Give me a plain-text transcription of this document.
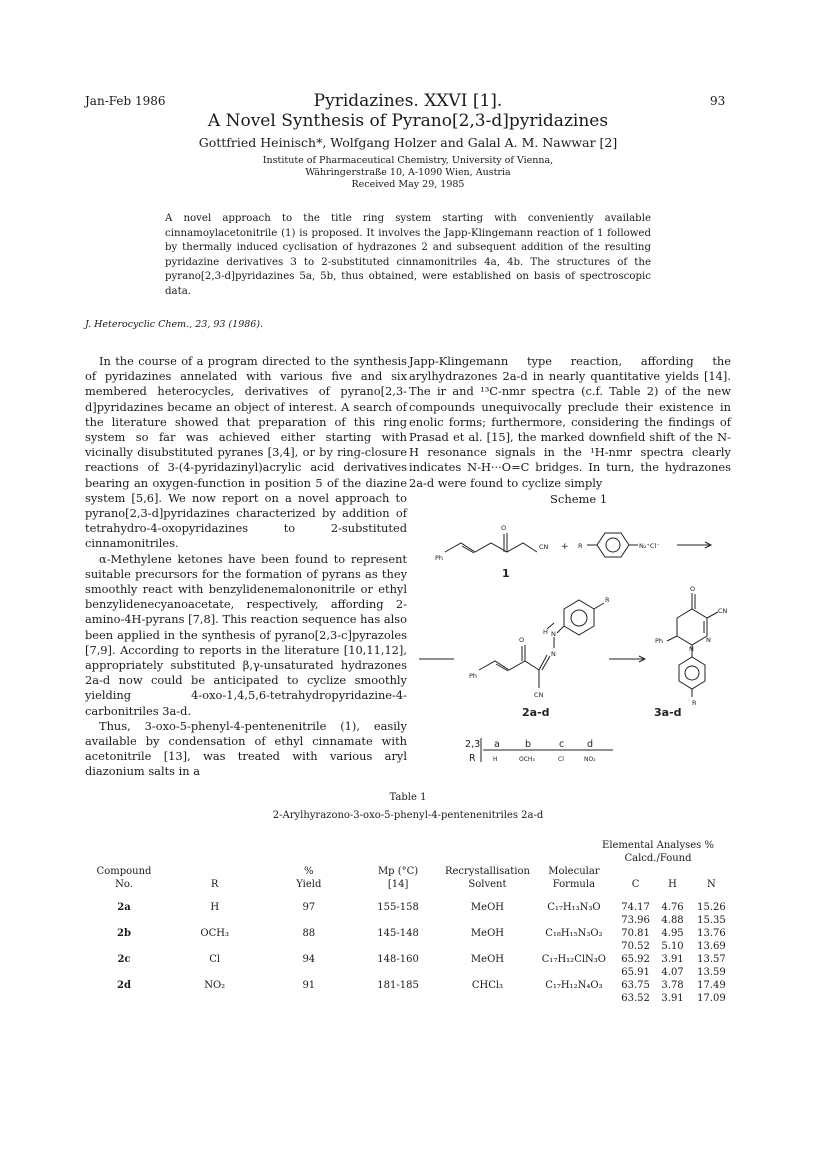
Jan-Feb 1986	93
Pyridazines. XXVI [1].
A Novel Synthesis of Pyrano[2,3-d]pyridazines
Gottfried Heinisch*, Wolfgang Holzer and Galal A. M. Nawwar [2]
Institute of Pharmaceutical Chemistry, University of Vienna,
Währingerstraße 10, A-1090 Wien, Austria
Received May 29, 1985
A novel approach to the title ring system starting with conveniently available cinnamoylacetonitrile (1) is proposed. It involves the Japp-Klingemann reaction of 1 followed by thermally induced cyclisation of hydrazones 2 and subsequent addition of the resulting pyridazine derivatives 3 to 2-substituted cinnamonitriles 4a, 4b. The structures of the pyrano[2,3-d]pyridazines 5a, 5b, thus obtained, were established on basis of spectroscopic data.
J. Heterocyclic Chem., 23, 93 (1986).

In the course of a program directed to the synthesis of pyridazines annelated with various five and six membered heterocycles, derivatives of pyrano[2,3-d]pyridazines became an object of interest. A search of the literature showed that preparation of this ring system so far was achieved either starting with vicinally disubstituted pyranes [3,4], or by ring-closure reactions of 3-(4-pyridazinyl)acrylic acid derivatives bearing an oxygen-function in position 5 of the diazine system [5,6]. We now report on a novel approach to pyrano[2,3-d]pyridazines characterized by addition of tetrahydro-4-oxopyridazines to 2-substituted cinnamonitriles.

α-Methylene ketones have been found to represent suitable precursors for the formation of pyrans as they smoothly react with benzylidenemalononitrile or ethyl benzylidenecyanoacetate, respectively, affording 2-amino-4H-pyrans [7,8]. This reaction sequence has also been applied in the synthesis of pyrano[2,3-c]pyrazoles [7,9]. According to reports in the literature [10,11,12], appropriately substituted β,γ-unsaturated hydrazones 2a-d now could be anticipated to cyclize smoothly yielding 4-oxo-1,4,5,6-tetrahydropyridazine-4-carbonitriles 3a-d.

Thus, 3-oxo-5-phenyl-4-pentenenitrile (1), easily available by condensation of ethyl cinnamate with acetonitrile [13], was treated with various aryl diazonium salts in a

Japp-Klingemann type reaction, affording the arylhydrazones 2a-d in nearly quantitative yields [14]. The ir and ¹³C-nmr spectra (c.f. Table 2) of the new compounds unequivocally preclude their existence in enolic forms; furthermore, considering the findings of Prasad et al. [15], the marked downfield shift of the N-H resonance signals in the ¹H-nmr spectra clearly indicates N-H···O=C bridges. In turn, the hydrazones 2a-d were found to cyclize simply

Scheme 1
Ph
O
CN + R	N₂⁺Cl⁻
1
Ph
O
H N
N
CN
R
2a-d
O
CN
Ph	N
N
R
3a-d
2,3
R
a	b	c d
H	OCH₃	Cl	NO₂
Table 1
2-Arylhyrazono-3-oxo-5-phenyl-4-pentenenitriles 2a-d
Elemental Analyses %
Calcd./Found
Compound		%	Mp (°C)	Recrystallisation	Molecular			
No.	R	Yield	[14]	Solvent	Formula	C	H	N

2a	H	97	155-158	MeOH	C₁₇H₁₃N₃O	74.17	4.76	15.26
						73.96	4.88	15.35
2b	OCH₃	88	145-148	MeOH	C₁₈H₁₅N₃O₂	70.81	4.95	13.76
						70.52	5.10	13.69
2c	Cl	94	148-160	MeOH	C₁₇H₁₂ClN₃O	65.92	3.91	13.57
						65.91	4.07	13.59
2d	NO₂	91	181-185	CHCl₃	C₁₇H₁₂N₄O₃	63.75	3.78	17.49
						63.52	3.91	17.09
